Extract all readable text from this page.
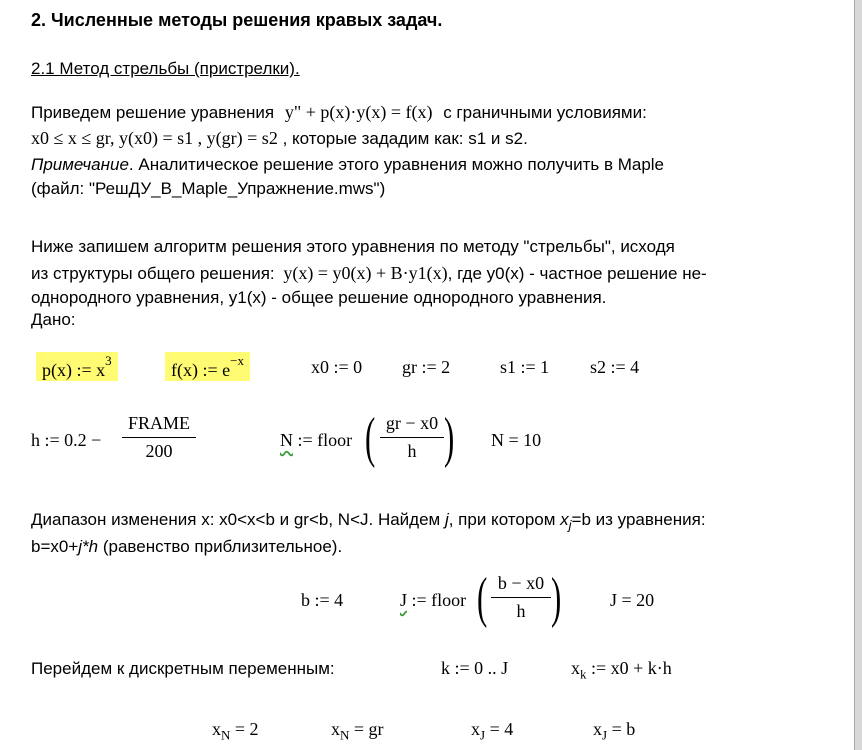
2. Численные методы решения кравых задач.
2.1 Метод стрельбы (пристрелки).
Приведем решение уравнения y" + p(x)·y(x) = f(x) с граничными условиями:
x0 ≤ x ≤ gr, y(x0) = s1 , y(gr) = s2 , которые зададим как: s1 и s2.
Примечание. Аналитическое решение этого уравнения можно получить в Maple
(файл: "РешДУ_В_Maple_Упражнение.mws")
Ниже запишем алгоритм решения этого уравнения по методу "стрельбы", исходя
из структуры общего решения: y(x) = y0(x) + B·y1(x), где y0(x) - частное решение не-
однородного уравнения, y1(x) - общее решение однородного уравнения.
Дано:
p(x) := $x^3$	f(x) := $e^{-x}$	x0 := 0 gr := 2	s1 := 1 s2 := 4
h := 0.2 −
FRAME
200
N := floor ( gr − x0
h ) N = 10
Диапазон изменения х: x0<x<b и gr<b, N<J. Найдем j, при котором $x_j=b$ из уравнения:
b=x0+j*h (равенство приблизительное).
b := 4	J := floor ( b − x0
h )	J = 20
Перейдем к дискретным переменным:	k := 0 .. J	$x_k$ := x0 + k·h
$x_N = 2$	$x_N$ = gr	$x_J = 4$	$x_J = b$
